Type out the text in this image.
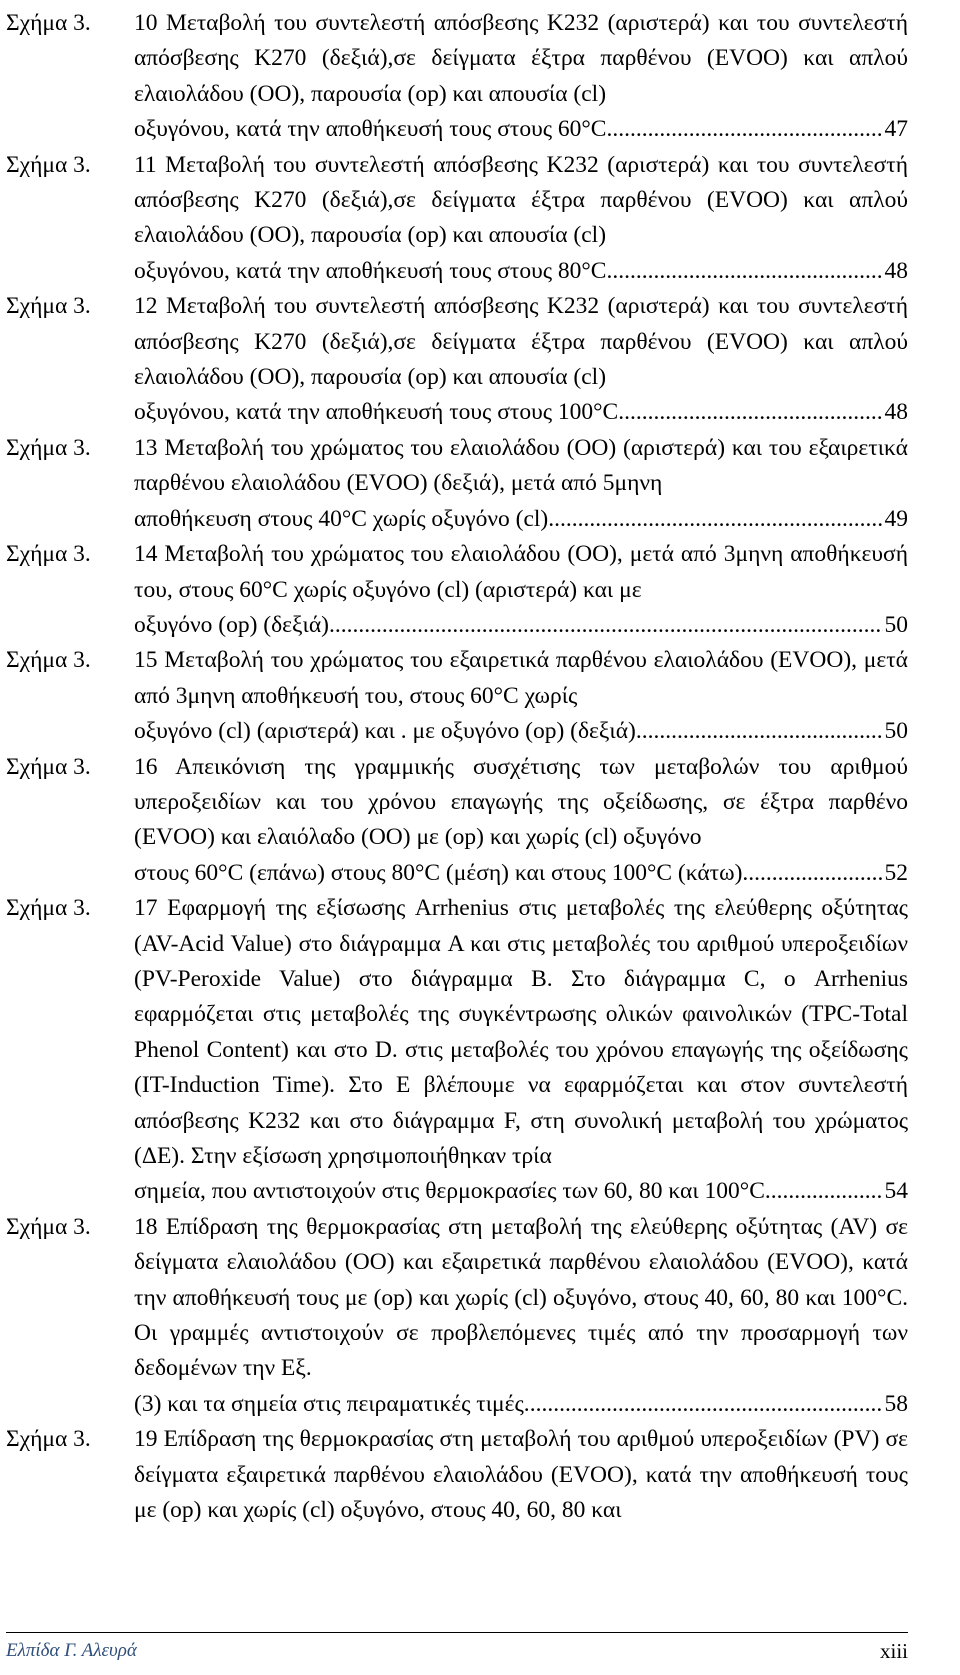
Σχήμα 3. 10 Μεταβολή του συντελεστή απόσβεσης K232 (αριστερά) και του συντελεστή απόσβεσης K270 (δεξιά),σε δείγματα έξτρα παρθένου (EVOO) και απλού ελαιολάδου (OO), παρουσία (op) και απουσία (cl)
οξυγόνου, κατά την αποθήκευσή τους στους 60°C. .....	47
Σχήμα 3. 11 Μεταβολή του συντελεστή απόσβεσης K232 (αριστερά) και του συντελεστή απόσβεσης K270 (δεξιά),σε δείγματα έξτρα παρθένου (EVOO) και απλού ελαιολάδου (OO), παρουσία (op) και απουσία (cl)
οξυγόνου, κατά την αποθήκευσή τους στους 80°C. .....	48
Σχήμα 3. 12 Μεταβολή του συντελεστή απόσβεσης K232 (αριστερά) και του συντελεστή απόσβεσης K270 (δεξιά),σε δείγματα έξτρα παρθένου (EVOO) και απλού ελαιολάδου (OO), παρουσία (op) και απουσία (cl)
οξυγόνου, κατά την αποθήκευσή τους στους 100°C. .....	48
Σχήμα 3. 13 Μεταβολή του χρώματος του ελαιολάδου (OO) (αριστερά) και του εξαιρετικά παρθένου ελαιολάδου (EVOO) (δεξιά), μετά από 5μηνη
αποθήκευση στους 40°C χωρίς οξυγόνο (cl). .....	49
Σχήμα 3. 14 Μεταβολή του χρώματος του ελαιολάδου (OO), μετά από 3μηνη αποθήκευσή του, στους 60°C χωρίς οξυγόνο (cl) (αριστερά) και με
οξυγόνο (op) (δεξιά). .....	50
Σχήμα 3. 15 Μεταβολή του χρώματος του εξαιρετικά παρθένου ελαιολάδου (EVOO), μετά από 3μηνη αποθήκευσή του, στους 60°C χωρίς
οξυγόνο (cl) (αριστερά) και . με οξυγόνο (op) (δεξιά). .....	50
Σχήμα 3. 16 Απεικόνιση της γραμμικής συσχέτισης των μεταβολών του αριθμού υπεροξειδίων και του χρόνου επαγωγής της οξείδωσης, σε έξτρα παρθένο (EVOO) και ελαιόλαδο (OO) με (op) και χωρίς (cl) οξυγόνο
στους 60°C (επάνω) στους 80°C (μέση) και στους 100°C (κάτω). .....	52
Σχήμα 3. 17 Εφαρμογή της εξίσωσης Arrhenius στις μεταβολές της ελεύθερης οξύτητας (AV-Acid Value) στο διάγραμμα A και στις μεταβολές του αριθμού υπεροξειδίων (PV-Peroxide Value) στο διάγραμμα B. Στο διάγραμμα C, ο Arrhenius εφαρμόζεται στις μεταβολές της συγκέντρωσης ολικών φαινολικών (TPC-Total Phenol Content) και στο D. στις μεταβολές του χρόνου επαγωγής της οξείδωσης (IT-Induction Time). Στο E βλέπουμε να εφαρμόζεται και στον συντελεστή απόσβεσης K232 και στο διάγραμμα F, στη συνολική μεταβολή του χρώματος (ΔE). Στην εξίσωση χρησιμοποιήθηκαν τρία
σημεία, που αντιστοιχούν στις θερμοκρασίες των 60, 80 και 100°C. .....	54
Σχήμα 3. 18 Επίδραση της θερμοκρασίας στη μεταβολή της ελεύθερης οξύτητας (AV) σε δείγματα ελαιολάδου (OO) και εξαιρετικά παρθένου ελαιολάδου (EVOO), κατά την αποθήκευσή τους με (op) και χωρίς (cl) οξυγόνο, στους 40, 60, 80 και 100°C. Οι γραμμές αντιστοιχούν σε προβλεπόμενες τιμές από την προσαρμογή των δεδομένων την Εξ.
(3) και τα σημεία στις πειραματικές τιμές. .....	58
Σχήμα 3. 19 Επίδραση της θερμοκρασίας στη μεταβολή του αριθμού υπεροξειδίων (PV) σε δείγματα εξαιρετικά παρθένου ελαιολάδου (EVOO), κατά την αποθήκευσή τους με (op) και χωρίς (cl) οξυγόνο, στους 40, 60, 80 και
Ελπίδα Γ. Αλευρά	xiii
